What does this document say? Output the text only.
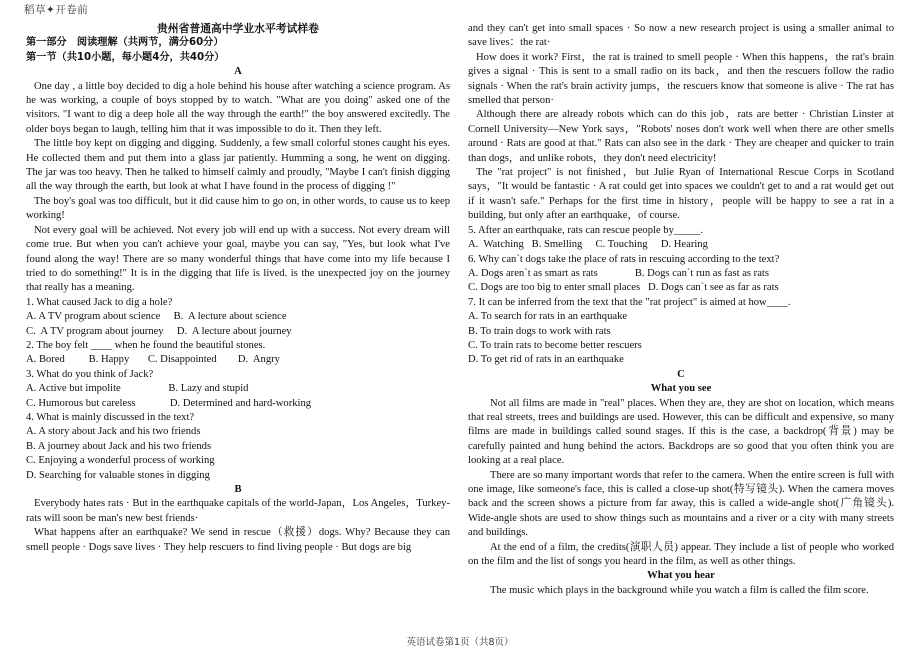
稻草✦开卷前

贵州省普通高中学业水平考试样卷

第一部分　阅读理解（共两节，满分60分）

第一节（共10小题，每小题4分，共40分）

A

One day , a little boy decided to dig a hole behind his house after watching a science program. As he was working, a couple of boys stopped by to watch. "What are you doing" asked one of the visitors. "I want to dig a deep hole all the way through the earth!" the boy answered excitedly. The older boys began to laugh, telling him that it was impossible to do it. Then they left.

The little boy kept on digging and digging. Suddenly, a few small colorful stones caught his eyes. He collected them and put them into a glass jar patiently. Humming a song, he went on digging. The jar was too heavy. Then he talked to himself calmly and proudly, "Maybe I can't finish digging all the way through the earth, but look at what I have found in the process of digging !"

The boy's goal was too difficult, but it did cause him to go on, in other words, to cause us to keep working!

Not every goal will be achieved. Not every job will end up with a success. Not every dream will come true. But when you can't achieve your goal, maybe you can say, "Yes, but look what I've found along the way! There are so many wonderful things that have come into my life because I tried to do something!" It is in the digging that life is lived. is the unexpected joy on the journey that really has a meaning.

1. What caused Jack to dig a hole?

A. A TV program about science     B.  A lecture about science

C.  A TV program about journey     D.  A lecture about journey

2. The boy felt ____ when he found the beautiful stones.

A. Bored         B. Happy       C. Disappointed        D.  Angry

3. What do you think of Jack?

A. Active but impolite                  B. Lazy and stupid

C. Humorous but careless             D. Determined and hard-working

4. What is mainly discussed in the text?

A. A story about Jack and his two friends

B. A journey about Jack and his two friends

C. Enjoying a wonderful process of working

D. Searching for valuable stones in digging

B

Everybody hates rats · But in the earthquake capitals of the world-Japan，Los Angeles，Turkey-rats will soon be man's new best friends·

What happens after an earthquake? We send in rescue（救援）dogs. Why? Because they can smell people · Dogs save lives · They help rescuers to find living people · But dogs are big

and they can't get into small spaces · So now a new research project is using a smaller animal to save lives：the rat·

How does it work? First，the rat is trained to smell people · When this happens，the rat's brain gives a signal · This is sent to a small radio on its back，and then the rescuers follow the radio signals · When the rat's brain activity jumps，the rescuers know that someone is alive · The rat has smelled that person·

Although there are already robots which can do this job，rats are better · Christian Linster at Cornell University—New York says，"Robots' noses don't work well when there are other smells around · Rats are good at that." Rats can also see in the dark · They are cheaper and quicker to train than dogs，and unlike robots，they don't need electricity!

The "rat project" is not finished，but Julie Ryan of International Rescue Corps in Scotland says，"It would be fantastic · A rat could get into spaces we couldn't get to and a rat would get out if it wasn't safe." Perhaps for the first time in history，people will be happy to see a rat in a building, but only after an earthquake，of course.

5. After an earthquake, rats can rescue people by_____.

A.  Watching   B. Smelling     C. Touching     D. Hearing

6. Why can`t dogs take the place of rats in rescuing according to the text?

A. Dogs aren`t as smart as rats              B. Dogs can`t run as fast as rats

C. Dogs are too big to enter small places   D. Dogs can`t see as far as rats

7. It can be inferred from the text that the "rat project" is aimed at how____.

A. To search for rats in an earthquake

B. To train dogs to work with rats

C. To train rats to become better rescuers

D. To get rid of rats in an earthquake

C

What you see

Not all films are made in "real" places. When they are, they are shot on location, which means that real streets, trees and buildings are used. However, this can be difficult and expensive, so many films are made in buildings called sound stages. If this is the case, a backdrop(背景) may be carefully painted and hung behind the actors. Backdrops are so good that you often think you are looking at a real place.

There are so many important words that refer to the camera. When the entire screen is full with one image, like someone's face, this is called a close-up shot(特写镜头). When the camera moves back and the screen shows a picture from far away, this is called a wide-angle shot(广角镜头). Wide-angle shots are used to show things such as mountains and a river or a city with many streets and buildings.

At the end of a film, the credits(演职人员) appear. They include a list of people who worked on the film and the list of songs you heard in the film, as well as other things.

What you hear

The music which plays in the background while you watch a film is called the film score.

英语试卷第1页（共8页）
